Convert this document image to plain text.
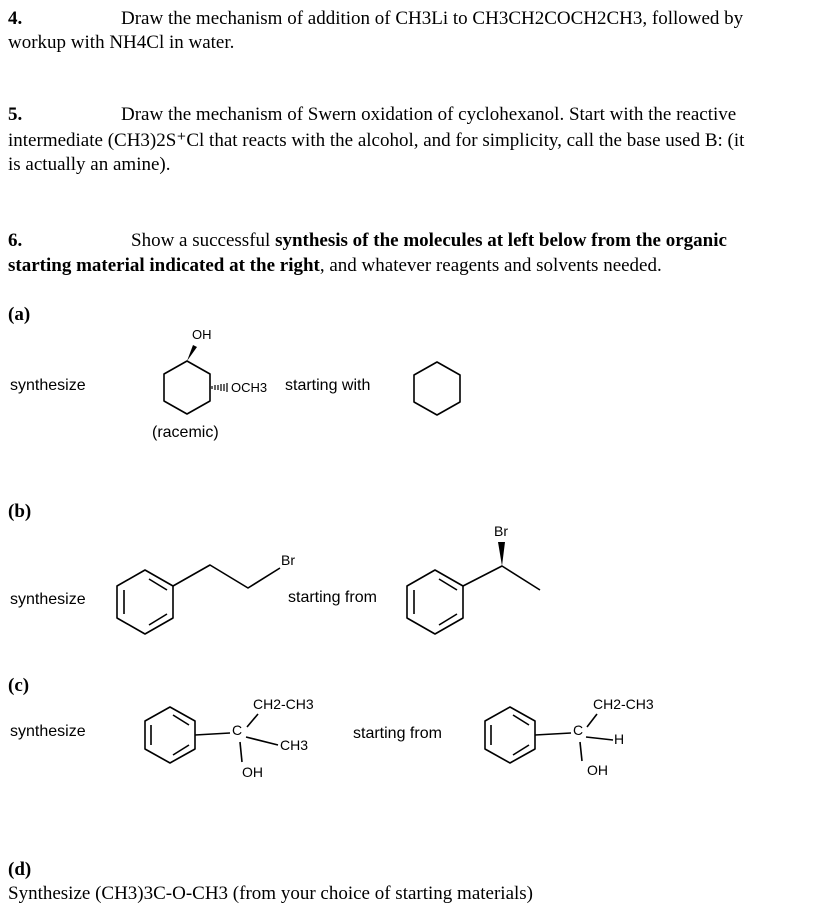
4.	Draw the mechanism of addition of CH3Li to CH3CH2COCH2CH3, followed by
workup with NH4Cl in water.
5.	Draw the mechanism of Swern oxidation of cyclohexanol. Start with the reactive
intermediate (CH3)2S⁺Cl that reacts with the alcohol, and for simplicity, call the base used B: (it
is actually an amine).
6.	Show a successful synthesis of the molecules at left below from the organic
starting material indicated at the right, and whatever reagents and solvents needed.
(a)
synthesize
OH
OCH3
(racemic)
starting with
(b)
synthesize
Br
starting from
Br
(c)
synthesize
CH2-CH3
C
CH3
OH
starting from
CH2-CH3
C
H
OH
(d)
Synthesize (CH3)3C-O-CH3 (from your choice of starting materials)
